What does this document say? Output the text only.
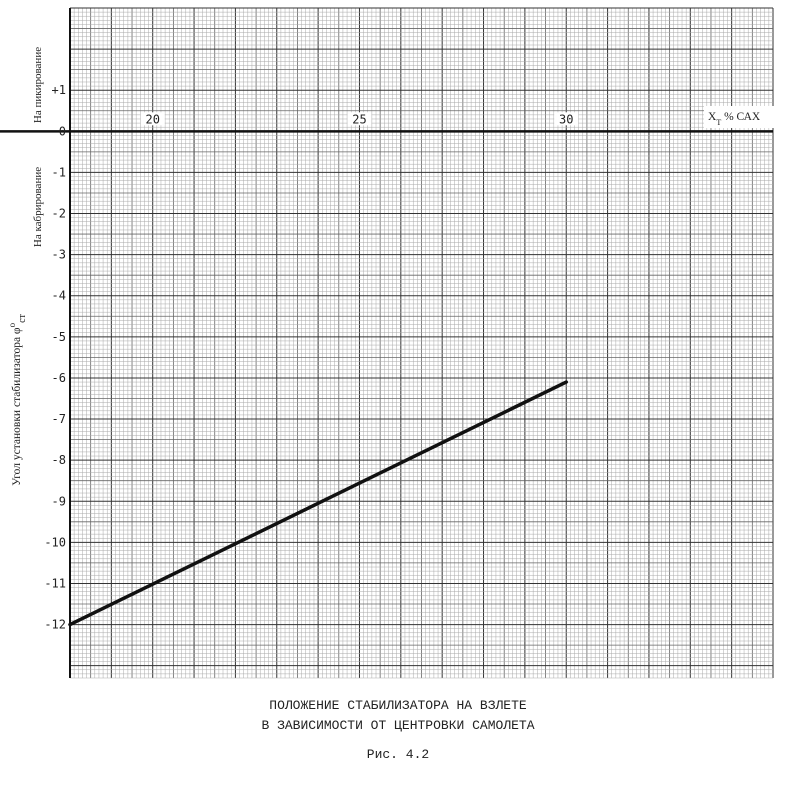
+1
0
-1
-2
-3
-4
-5
-6
-7
-8
-9
-10
-11
-12
20	25	30
На пикирование
На кабрирование
Угол установки стабилизатора $\varphi^oст$
$X_T$ % САХ
ПОЛОЖЕНИЕ СТАБИЛИЗАТОРА НА ВЗЛЕТЕ
В ЗАВИСИМОСТИ ОТ ЦЕНТРОВКИ САМОЛЕТА
Рис. 4.2
